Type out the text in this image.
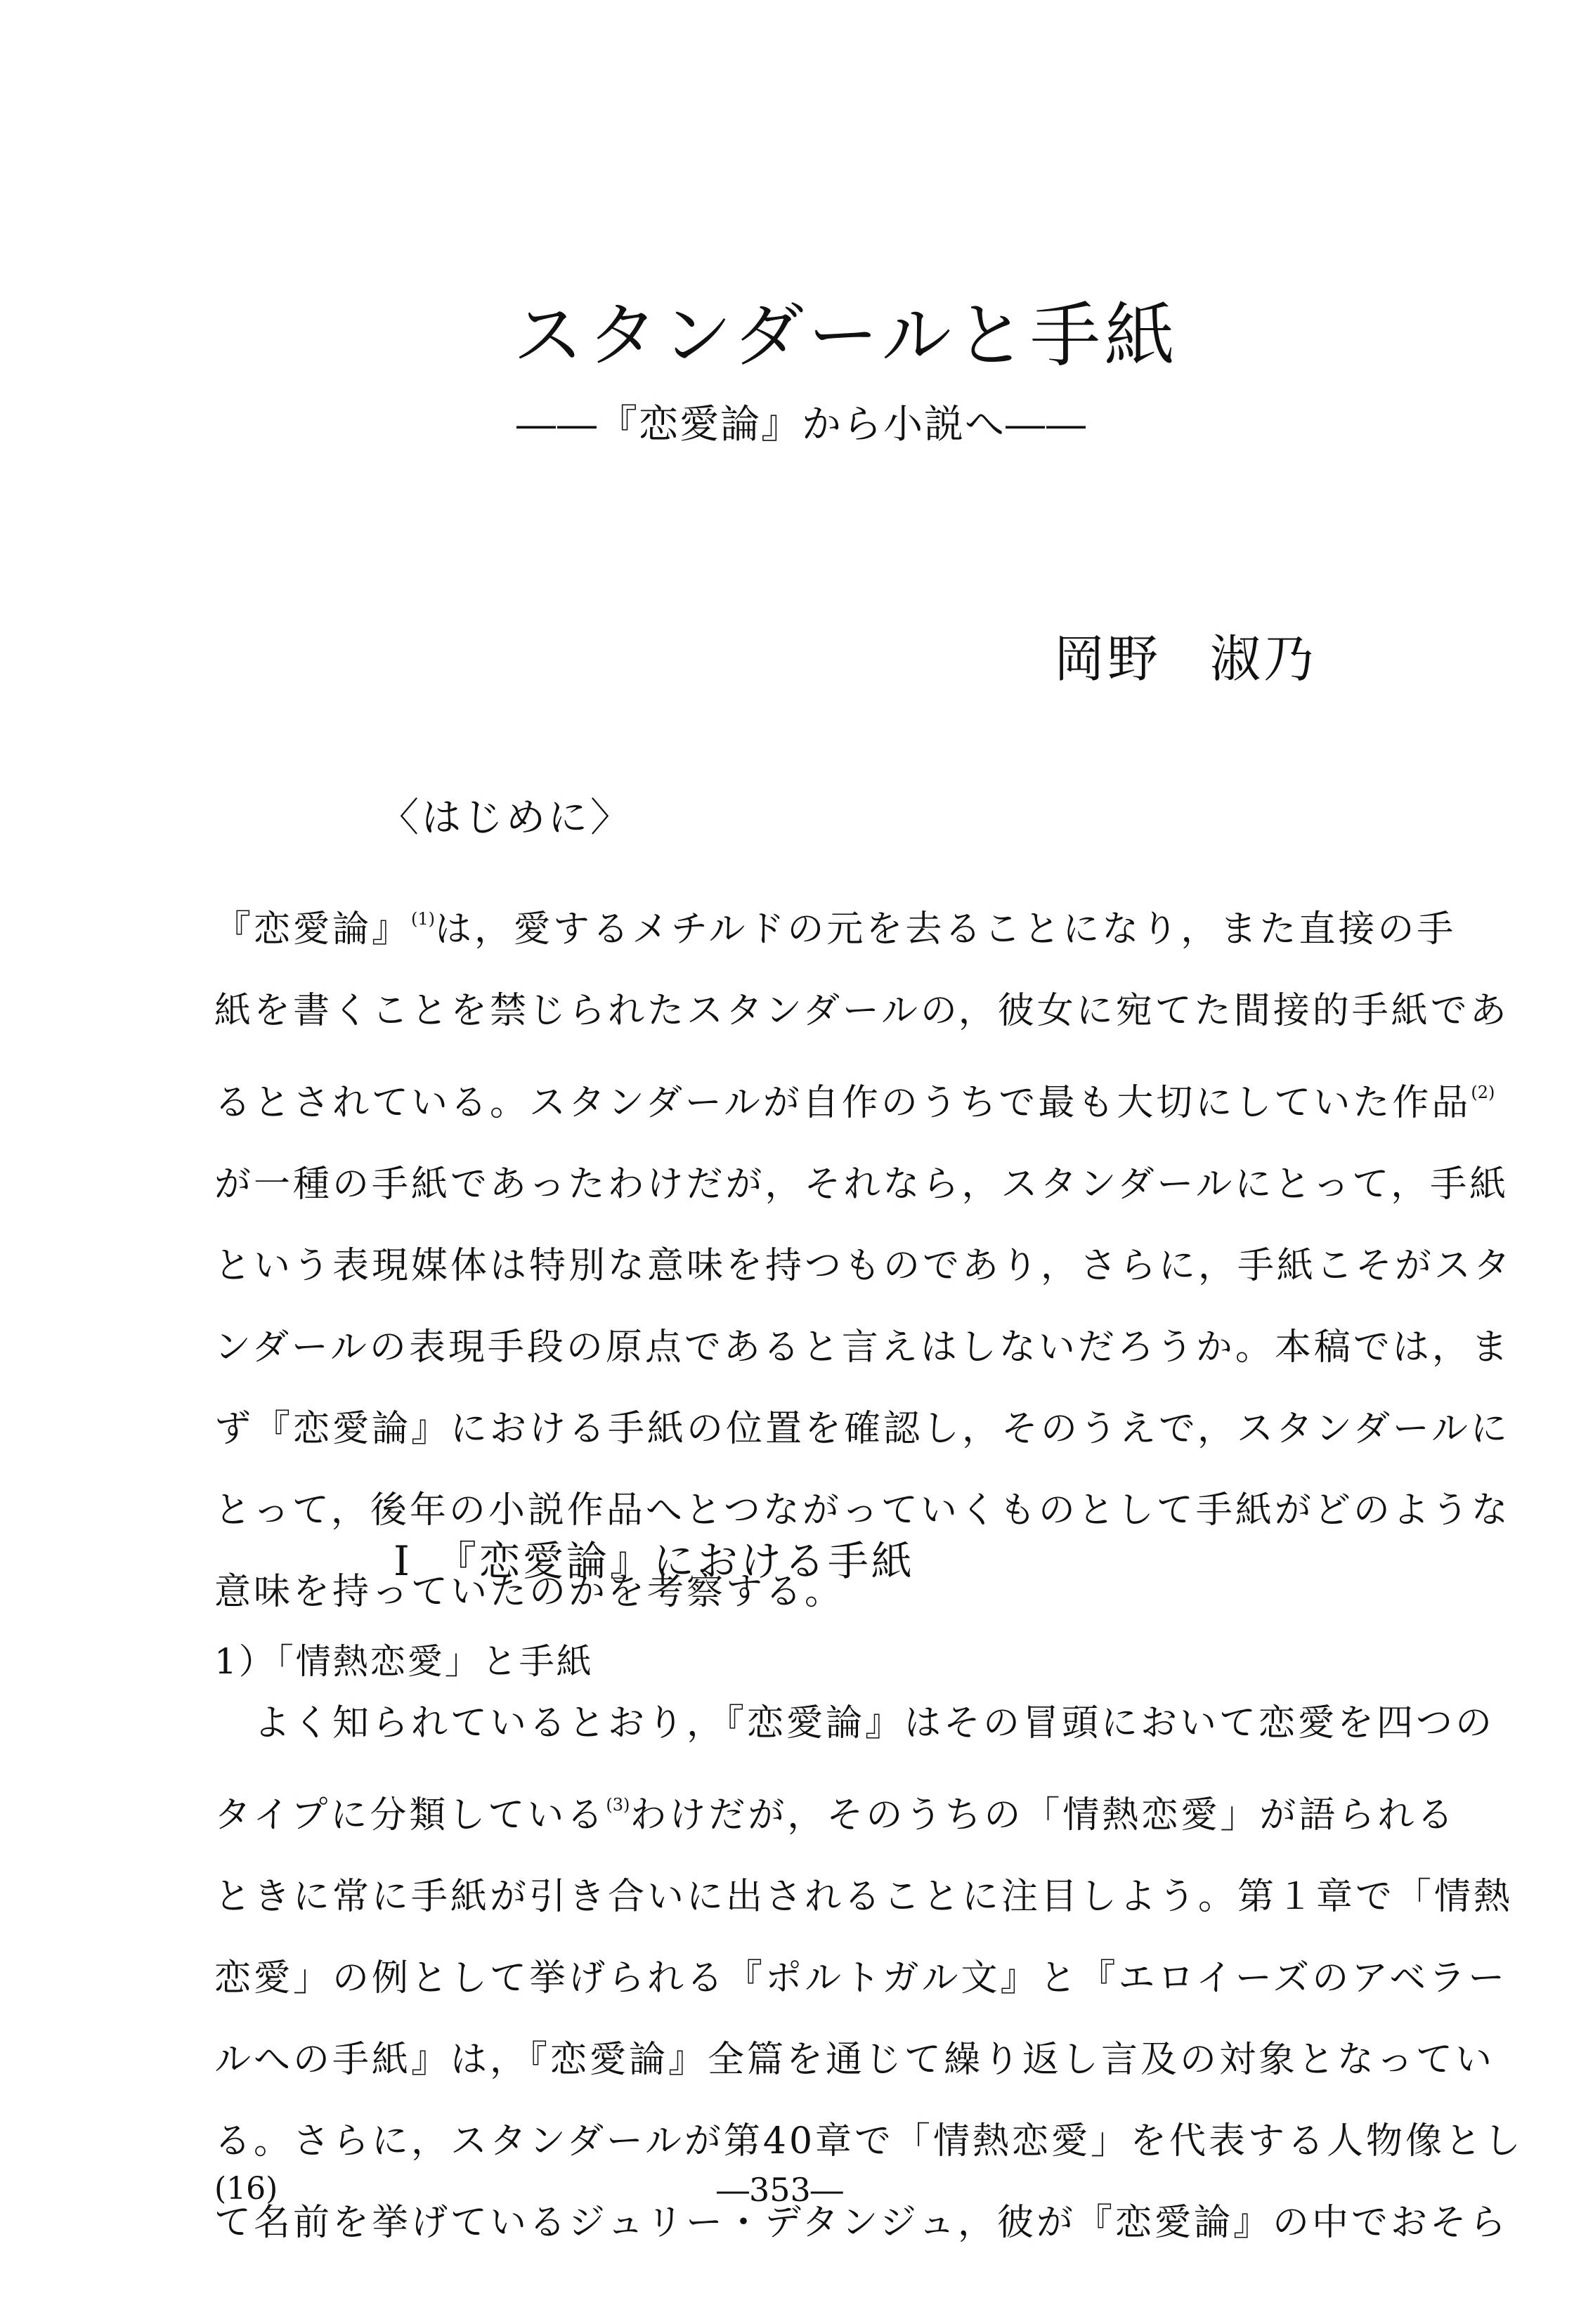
スタンダールと手紙
――『恋愛論』から小説へ――
岡野 淑乃
〈はじめに〉
『恋愛論』$^{(1)}$は，愛するメチルドの元を去ることになり，また直接の手
紙を書くことを禁じられたスタンダールの，彼女に宛てた間接的手紙であ
るとされている。スタンダールが自作のうちで最も大切にしていた作品$^{(2)}$
が一種の手紙であったわけだが，それなら，スタンダールにとって，手紙
という表現媒体は特別な意味を持つものであり，さらに，手紙こそがスタ
ンダールの表現手段の原点であると言えはしないだろうか。本稿では，ま
ず『恋愛論』における手紙の位置を確認し，そのうえで，スタンダールに
とって，後年の小説作品へとつながっていくものとして手紙がどのような
意味を持っていたのかを考察する。
Ⅰ　『恋愛論』における手紙
1）「情熱恋愛」と手紙
よく知られているとおり，『恋愛論』はその冒頭において恋愛を四つの
タイプに分類している$^{(3)}$わけだが，そのうちの「情熱恋愛」が語られる
ときに常に手紙が引き合いに出されることに注目しよう。第１章で「情熱
恋愛」の例として挙げられる『ポルトガル文』と『エロイーズのアベラー
ルへの手紙』は，『恋愛論』全篇を通じて繰り返し言及の対象となってい
る。さらに，スタンダールが第40章で「情熱恋愛」を代表する人物像とし
て名前を挙げているジュリー・デタンジュ，彼が『恋愛論』の中でおそら
(16)	―353―
